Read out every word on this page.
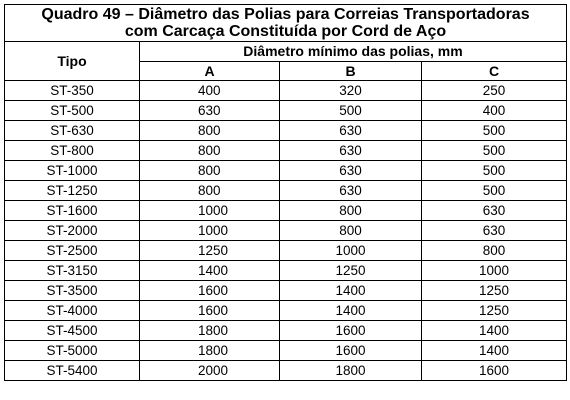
Quadro 49 – Diâmetro das Polias para Correias Transportadoras
com Carcaça Constituída por Cord de Aço			
Tipo	Diâmetro mínimo das polias, mm		
	A	B	C
ST-350	400	320	250
ST-500	630	500	400
ST-630	800	630	500
ST-800	800	630	500
ST-1000	800	630	500
ST-1250	800	630	500
ST-1600	1000	800	630
ST-2000	1000	800	630
ST-2500	1250	1000	800
ST-3150	1400	1250	1000
ST-3500	1600	1400	1250
ST-4000	1600	1400	1250
ST-4500	1800	1600	1400
ST-5000	1800	1600	1400
ST-5400	2000	1800	1600
